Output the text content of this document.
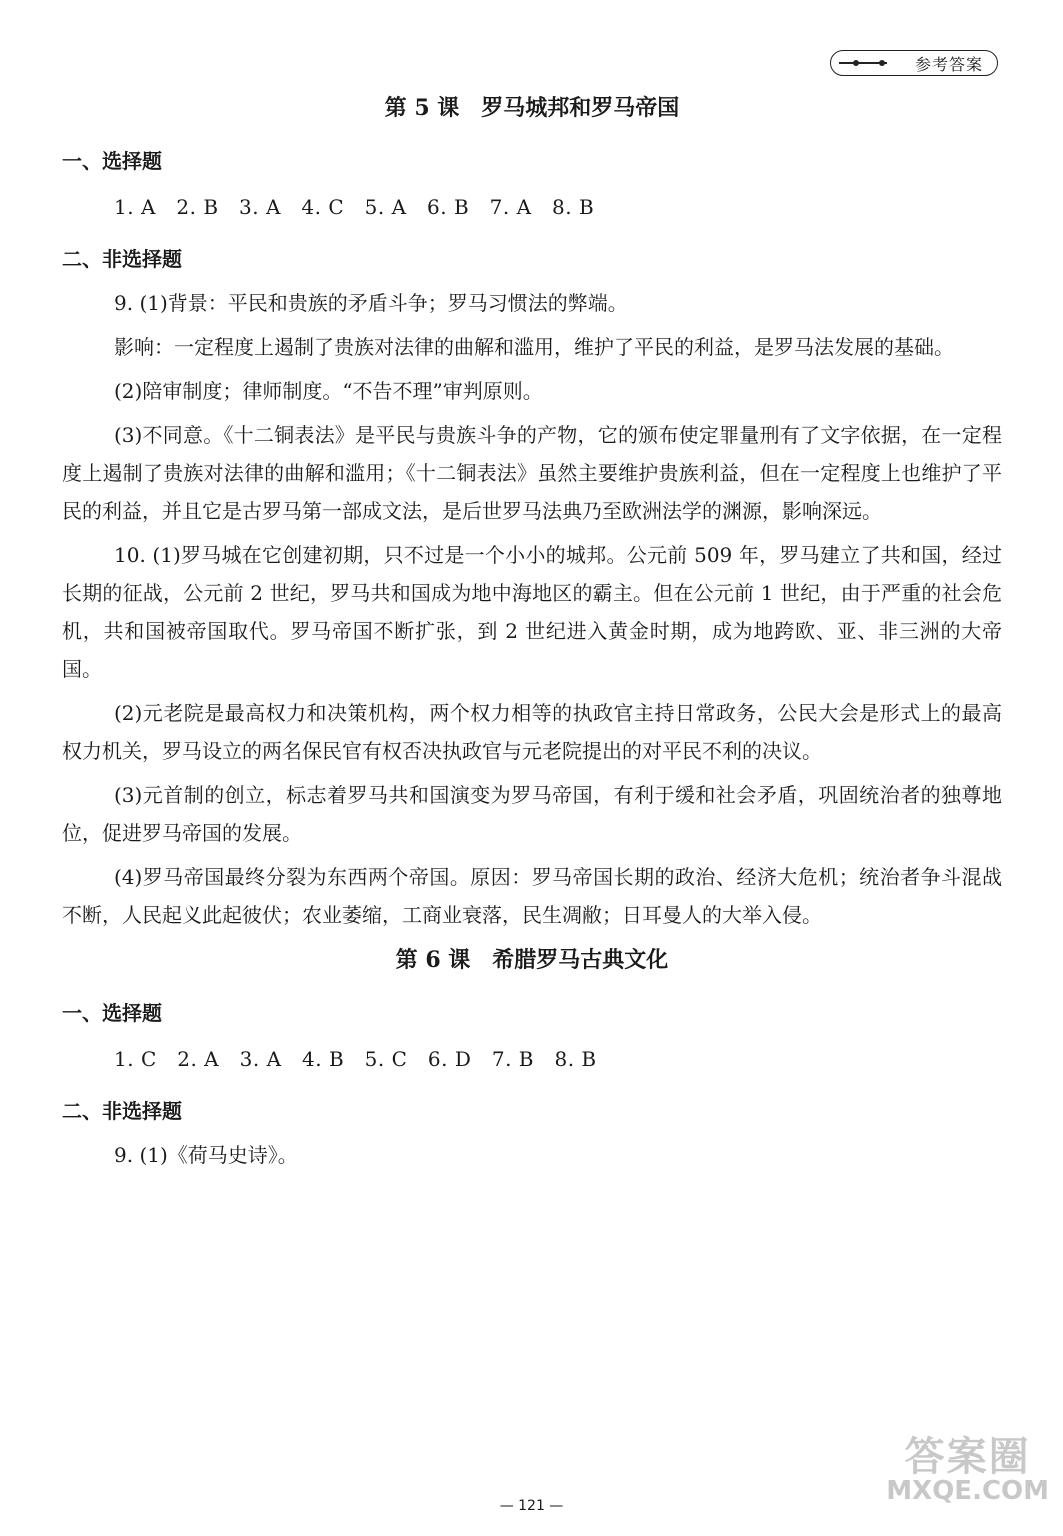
参考答案
第 5 课　罗马城邦和罗马帝国
一、选择题
1. A　2. B　3. A　4. C　5. A　6. B　7. A　8. B
二、非选择题

9. (1)背景：平民和贵族的矛盾斗争；罗马习惯法的弊端。

影响：一定程度上遏制了贵族对法律的曲解和滥用，维护了平民的利益，是罗马法发展的基础。

(2)陪审制度；律师制度。“不告不理”审判原则。

(3)不同意。《十二铜表法》是平民与贵族斗争的产物，它的颁布使定罪量刑有了文字依据，在一定程度上遏制了贵族对法律的曲解和滥用；《十二铜表法》虽然主要维护贵族利益，但在一定程度上也维护了平民的利益，并且它是古罗马第一部成文法，是后世罗马法典乃至欧洲法学的渊源，影响深远。

10. (1)罗马城在它创建初期，只不过是一个小小的城邦。公元前 509 年，罗马建立了共和国，经过长期的征战，公元前 2 世纪，罗马共和国成为地中海地区的霸主。但在公元前 1 世纪，由于严重的社会危机，共和国被帝国取代。罗马帝国不断扩张，到 2 世纪进入黄金时期，成为地跨欧、亚、非三洲的大帝国。

(2)元老院是最高权力和决策机构，两个权力相等的执政官主持日常政务，公民大会是形式上的最高权力机关，罗马设立的两名保民官有权否决执政官与元老院提出的对平民不利的决议。

(3)元首制的创立，标志着罗马共和国演变为罗马帝国，有利于缓和社会矛盾，巩固统治者的独尊地位，促进罗马帝国的发展。

(4)罗马帝国最终分裂为东西两个帝国。原因：罗马帝国长期的政治、经济大危机；统治者争斗混战不断，人民起义此起彼伏；农业萎缩，工商业衰落，民生凋敝；日耳曼人的大举入侵。

第 6 课　希腊罗马古典文化
一、选择题
1. C　2. A　3. A　4. B　5. C　6. D　7. B　8. B
二、非选择题

9. (1)《荷马史诗》。

— 121 —
答案圈
MXQE.COM
